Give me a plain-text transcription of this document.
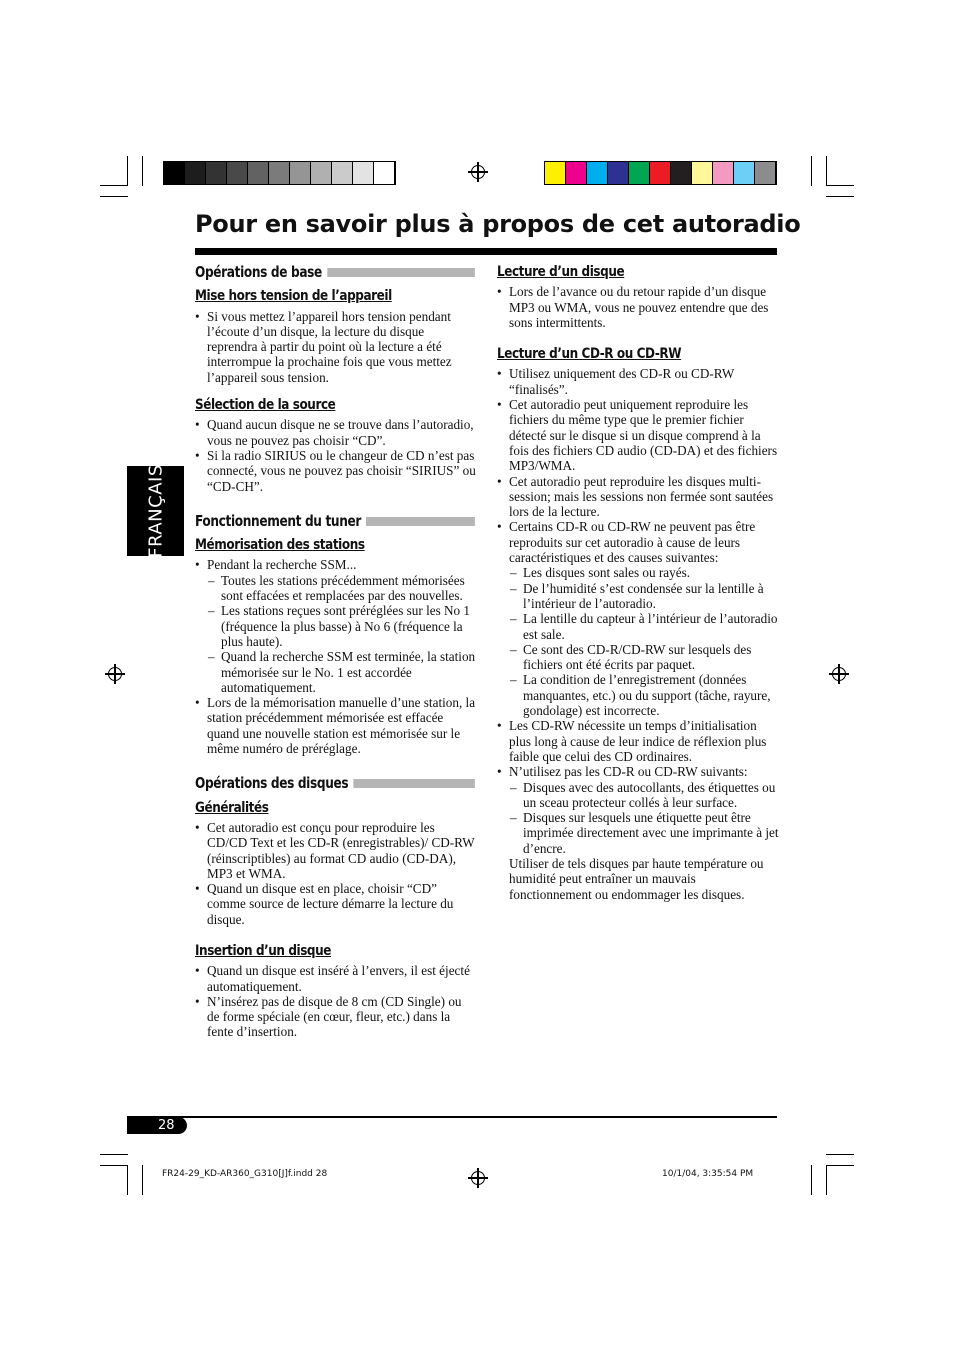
Pour en savoir plus à propos de cet autoradio
FRANÇAIS
Opérations de base
Mise hors tension de l’appareil
• Si vous mettez l’appareil hors tension pendant l’écoute d’un disque, la lecture du disque reprendra à partir du point où la lecture a été interrompue la prochaine fois que vous mettez l’appareil sous tension.
Sélection de la source
• Quand aucun disque ne se trouve dans l’autoradio, vous ne pouvez pas choisir “CD”.
• Si la radio SIRIUS ou le changeur de CD n’est pas connecté, vous ne pouvez pas choisir “SIRIUS” ou “CD-CH”.
Fonctionnement du tuner
Mémorisation des stations
• Pendant la recherche SSM...
– Toutes les stations précédemment mémorisées sont effacées et remplacées par des nouvelles.
– Les stations reçues sont préréglées sur les No 1 (fréquence la plus basse) à No 6 (fréquence la plus haute).
– Quand la recherche SSM est terminée, la station mémorisée sur le No. 1 est accordée automatiquement.
• Lors de la mémorisation manuelle d’une station, la station précédemment mémorisée est effacée quand une nouvelle station est mémorisée sur le même numéro de préréglage.
Opérations des disques
Généralités
• Cet autoradio est conçu pour reproduire les CD/CD Text et les CD-R (enregistrables)/ CD-RW (réinscriptibles) au format CD audio (CD-DA), MP3 et WMA.
• Quand un disque est en place, choisir “CD” comme source de lecture démarre la lecture du disque.
Insertion d’un disque
• Quand un disque est inséré à l’envers, il est éjecté automatiquement.
• N’insérez pas de disque de 8 cm (CD Single) ou de forme spéciale (en cœur, fleur, etc.) dans la fente d’insertion.
Lecture d’un disque
• Lors de l’avance ou du retour rapide d’un disque MP3 ou WMA, vous ne pouvez entendre que des sons intermittents.
Lecture d’un CD-R ou CD-RW
• Utilisez uniquement des CD-R ou CD-RW “finalisés”.
• Cet autoradio peut uniquement reproduire les fichiers du même type que le premier fichier détecté sur le disque si un disque comprend à la fois des fichiers CD audio (CD-DA) et des fichiers MP3/WMA.
• Cet autoradio peut reproduire les disques multi-session; mais les sessions non fermée sont sautées lors de la lecture.
• Certains CD-R ou CD-RW ne peuvent pas être reproduits sur cet autoradio à cause de leurs caractéristiques et des causes suivantes:
– Les disques sont sales ou rayés.
– De l’humidité s’est condensée sur la lentille à l’intérieur de l’autoradio.
– La lentille du capteur à l’intérieur de l’autoradio est sale.
– Ce sont des CD-R/CD-RW sur lesquels des fichiers ont été écrits par paquet.
– La condition de l’enregistrement (données manquantes, etc.) ou du support (tâche, rayure, gondolage) est incorrecte.
• Les CD-RW nécessite un temps d’initialisation plus long à cause de leur indice de réflexion plus faible que celui des CD ordinaires.
• N’utilisez pas les CD-R ou CD-RW suivants:
– Disques avec des autocollants, des étiquettes ou un sceau protecteur collés à leur surface.
– Disques sur lesquels une étiquette peut être imprimée directement avec une imprimante à jet d’encre.
Utiliser de tels disques par haute température ou humidité peut entraîner un mauvais fonctionnement ou endommager les disques.
28
FR24-29_KD-AR360_G310[J]f.indd 28	10/1/04, 3:35:54 PM
